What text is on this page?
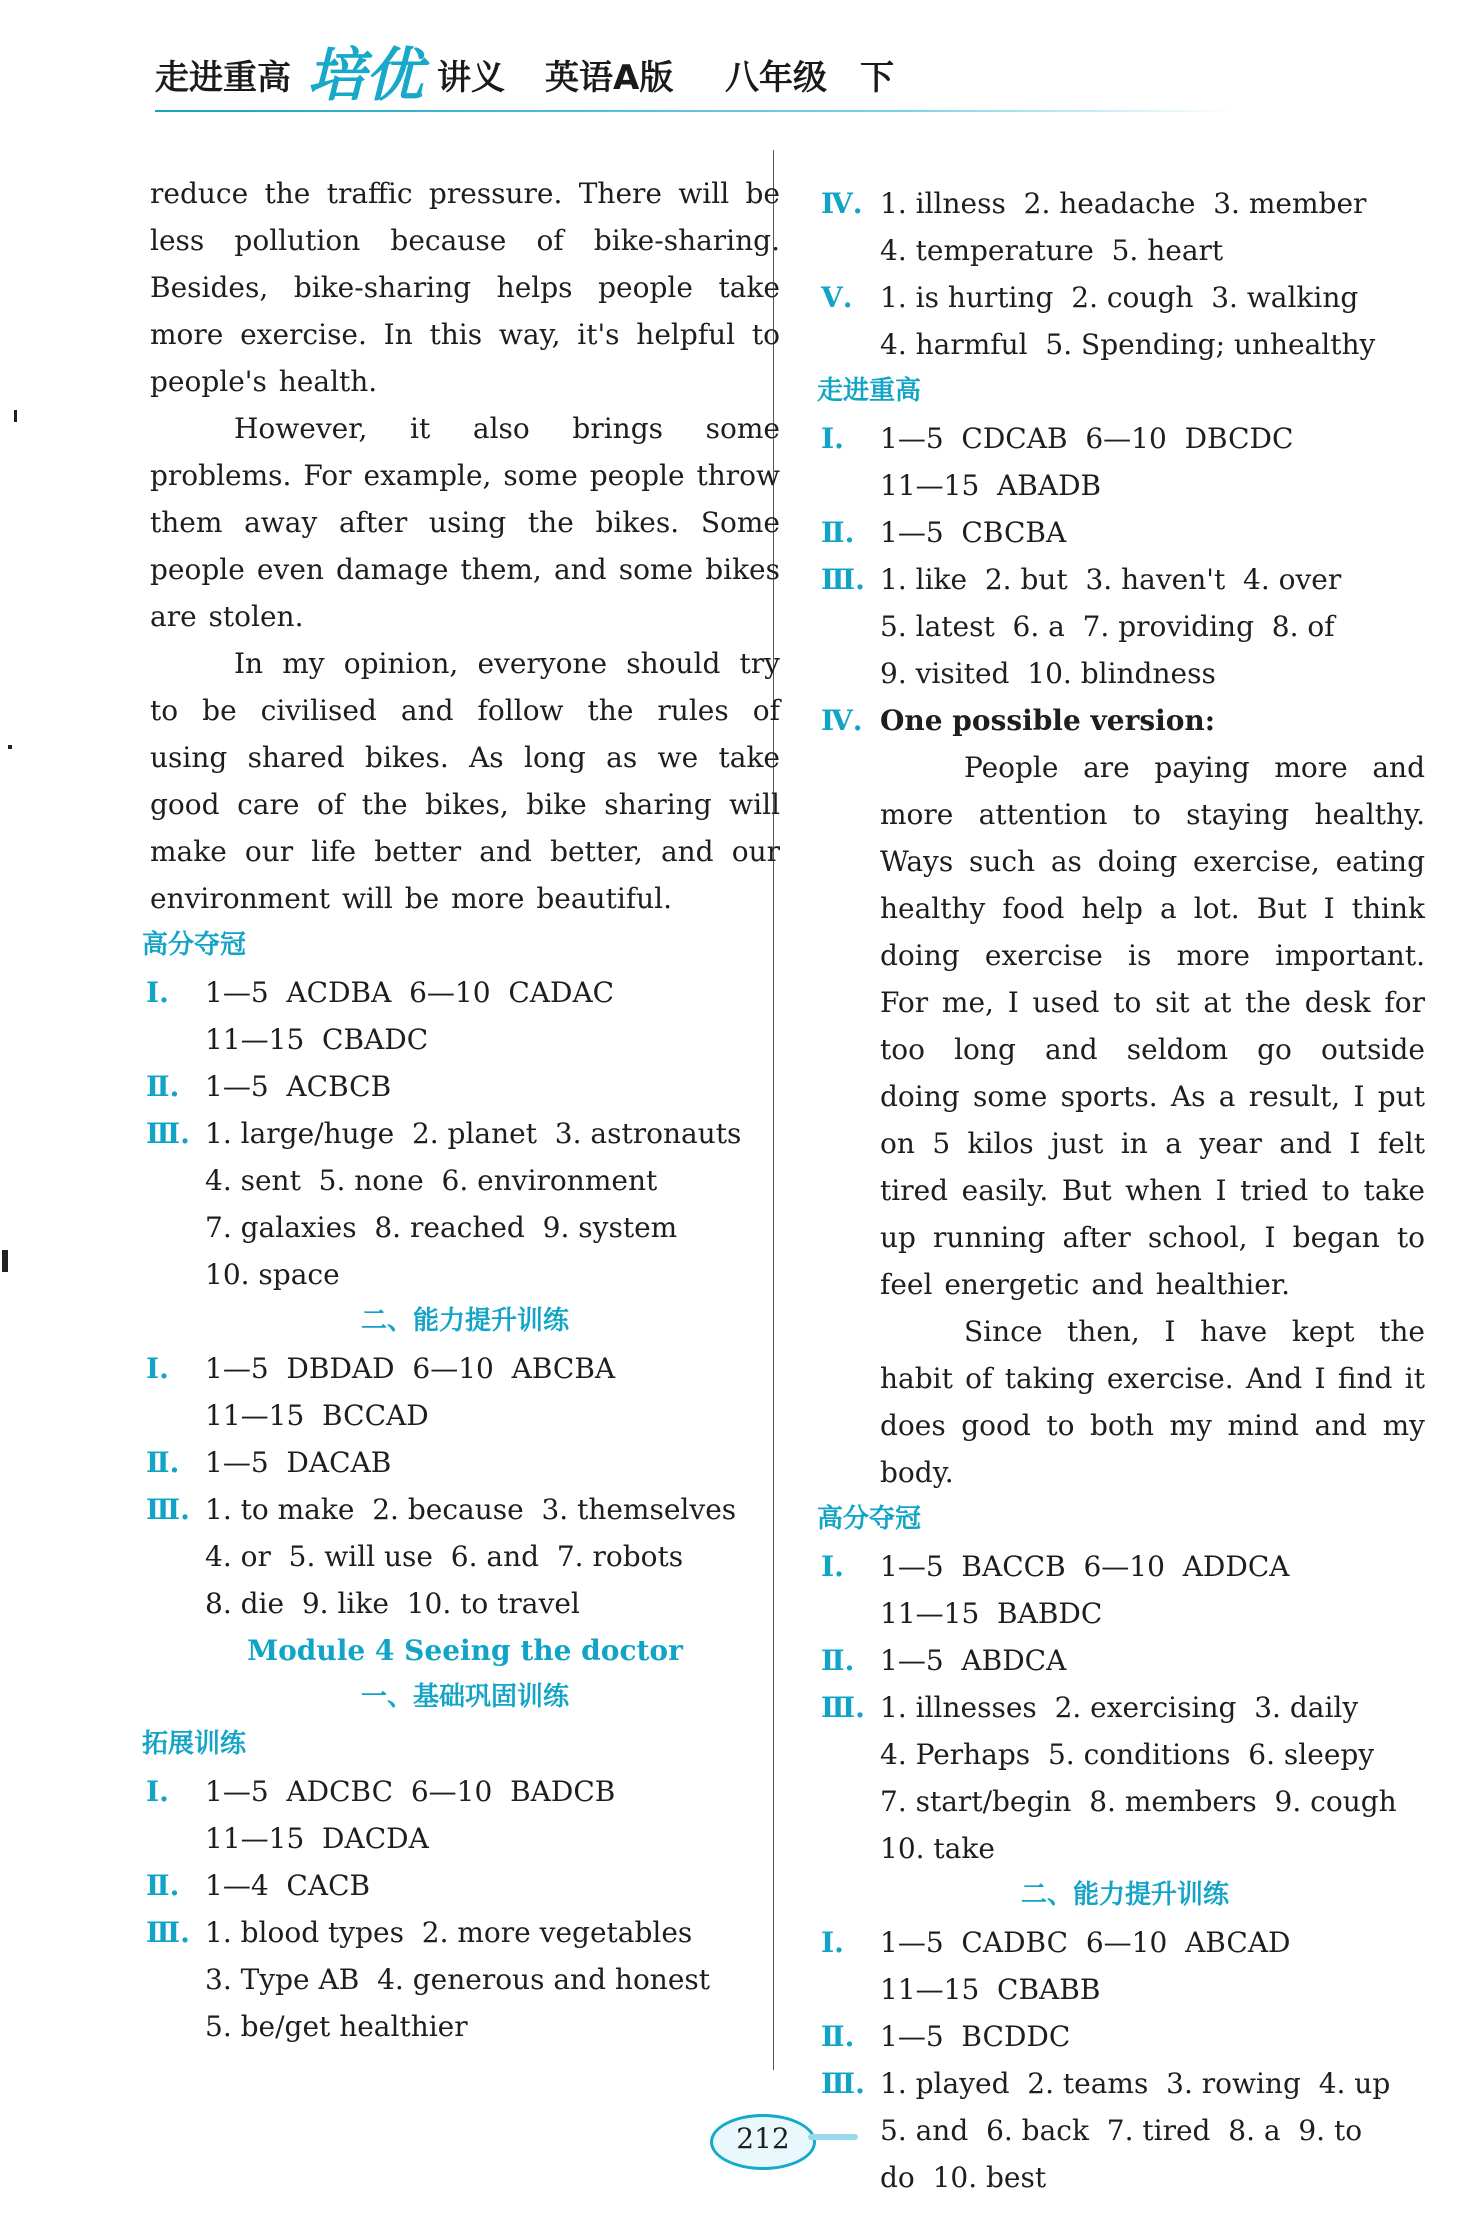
走进重高 培优 讲义 英语A版 八年级 下

reduce the traffic pressure. There will be less pollution because of bike-sharing. Besides, bike-sharing helps people take more exercise. In this way, it's helpful to people's health.

However, it also brings some problems. For example, some people throw them away after using the bikes. Some people even damage them, and some bikes are stolen.

In my opinion, everyone should try to be civilised and follow the rules of using shared bikes. As long as we take good care of the bikes, bike sharing will make our life better and better, and our environment will be more beautiful.

高分夺冠
Ⅰ. 1—5  ACDBA  6—10  CADAC
11—15  CBADC
Ⅱ. 1—5  ACBCB
Ⅲ. 1. large/huge  2. planet  3. astronauts
4. sent  5. none  6. environment
7. galaxies  8. reached  9. system
10. space
二、能力提升训练
Ⅰ. 1—5  DBDAD  6—10  ABCBA
11—15  BCCAD
Ⅱ. 1—5  DACAB
Ⅲ. 1. to make  2. because  3. themselves
4. or  5. will use  6. and  7. robots
8. die  9. like  10. to travel
Module 4 Seeing the doctor
一、基础巩固训练
拓展训练
Ⅰ. 1—5  ADCBC  6—10  BADCB
11—15  DACDA
Ⅱ. 1—4  CACB
Ⅲ. 1. blood types  2. more vegetables
3. Type AB  4. generous and honest
5. be/get healthier
Ⅳ. 1. illness  2. headache  3. member
4. temperature  5. heart
Ⅴ. 1. is hurting  2. cough  3. walking
4. harmful  5. Spending; unhealthy
走进重高
Ⅰ. 1—5  CDCAB  6—10  DBCDC
11—15  ABADB
Ⅱ. 1—5  CBCBA
Ⅲ. 1. like  2. but  3. haven't  4. over
5. latest  6. a  7. providing  8. of
9. visited  10. blindness
Ⅳ. One possible version:

People are paying more and more attention to staying healthy. Ways such as doing exercise, eating healthy food help a lot. But I think doing exercise is more important. For me, I used to sit at the desk for too long and seldom go outside doing some sports. As a result, I put on 5 kilos just in a year and I felt tired easily. But when I tried to take up running after school, I began to feel energetic and healthier.

Since then, I have kept the habit of taking exercise. And I find it does good to both my mind and my body.

高分夺冠
Ⅰ. 1—5  BACCB  6—10  ADDCA
11—15  BABDC
Ⅱ. 1—5  ABDCA
Ⅲ. 1. illnesses  2. exercising  3. daily
4. Perhaps  5. conditions  6. sleepy
7. start/begin  8. members  9. cough
10. take
二、能力提升训练
Ⅰ. 1—5  CADBC  6—10  ABCAD
11—15  CBABB
Ⅱ. 1—5  BCDDC
Ⅲ. 1. played  2. teams  3. rowing  4. up
5. and  6. back  7. tired  8. a  9. to
do  10. best
212
